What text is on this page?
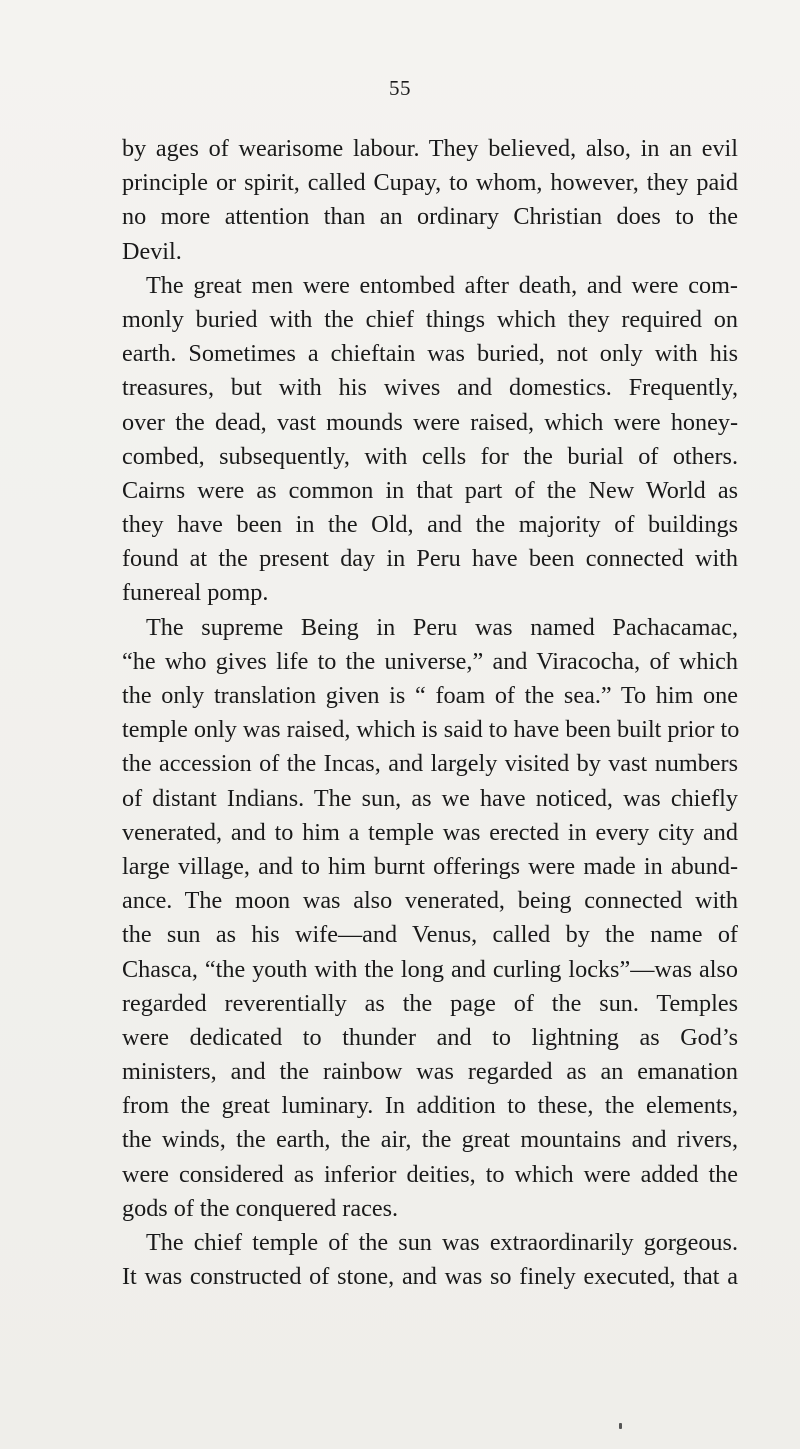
55
by ages of wearisome labour. They believed, also, in an evil
principle or spirit, called Cupay, to whom, however, they paid
no more attention than an ordinary Christian does to the
Devil.
The great men were entombed after death, and were com-
monly buried with the chief things which they required on
earth. Sometimes a chieftain was buried, not only with his
treasures, but with his wives and domestics. Frequently,
over the dead, vast mounds were raised, which were honey-
combed, subsequently, with cells for the burial of others.
Cairns were as common in that part of the New World as
they have been in the Old, and the majority of buildings
found at the present day in Peru have been connected with
funereal pomp.
The supreme Being in Peru was named Pachacamac,
“he who gives life to the universe,” and Viracocha, of which
the only translation given is “ foam of the sea.” To him one
temple only was raised, which is said to have been built prior to
the accession of the Incas, and largely visited by vast numbers
of distant Indians. The sun, as we have noticed, was chiefly
venerated, and to him a temple was erected in every city and
large village, and to him burnt offerings were made in abund-
ance. The moon was also venerated, being connected with
the sun as his wife—and Venus, called by the name of
Chasca, “the youth with the long and curling locks”—was also
regarded reverentially as the page of the sun. Temples
were dedicated to thunder and to lightning as God’s
ministers, and the rainbow was regarded as an emanation
from the great luminary. In addition to these, the elements,
the winds, the earth, the air, the great mountains and rivers,
were considered as inferior deities, to which were added the
gods of the conquered races.
The chief temple of the sun was extraordinarily gorgeous.
It was constructed of stone, and was so finely executed, that a
